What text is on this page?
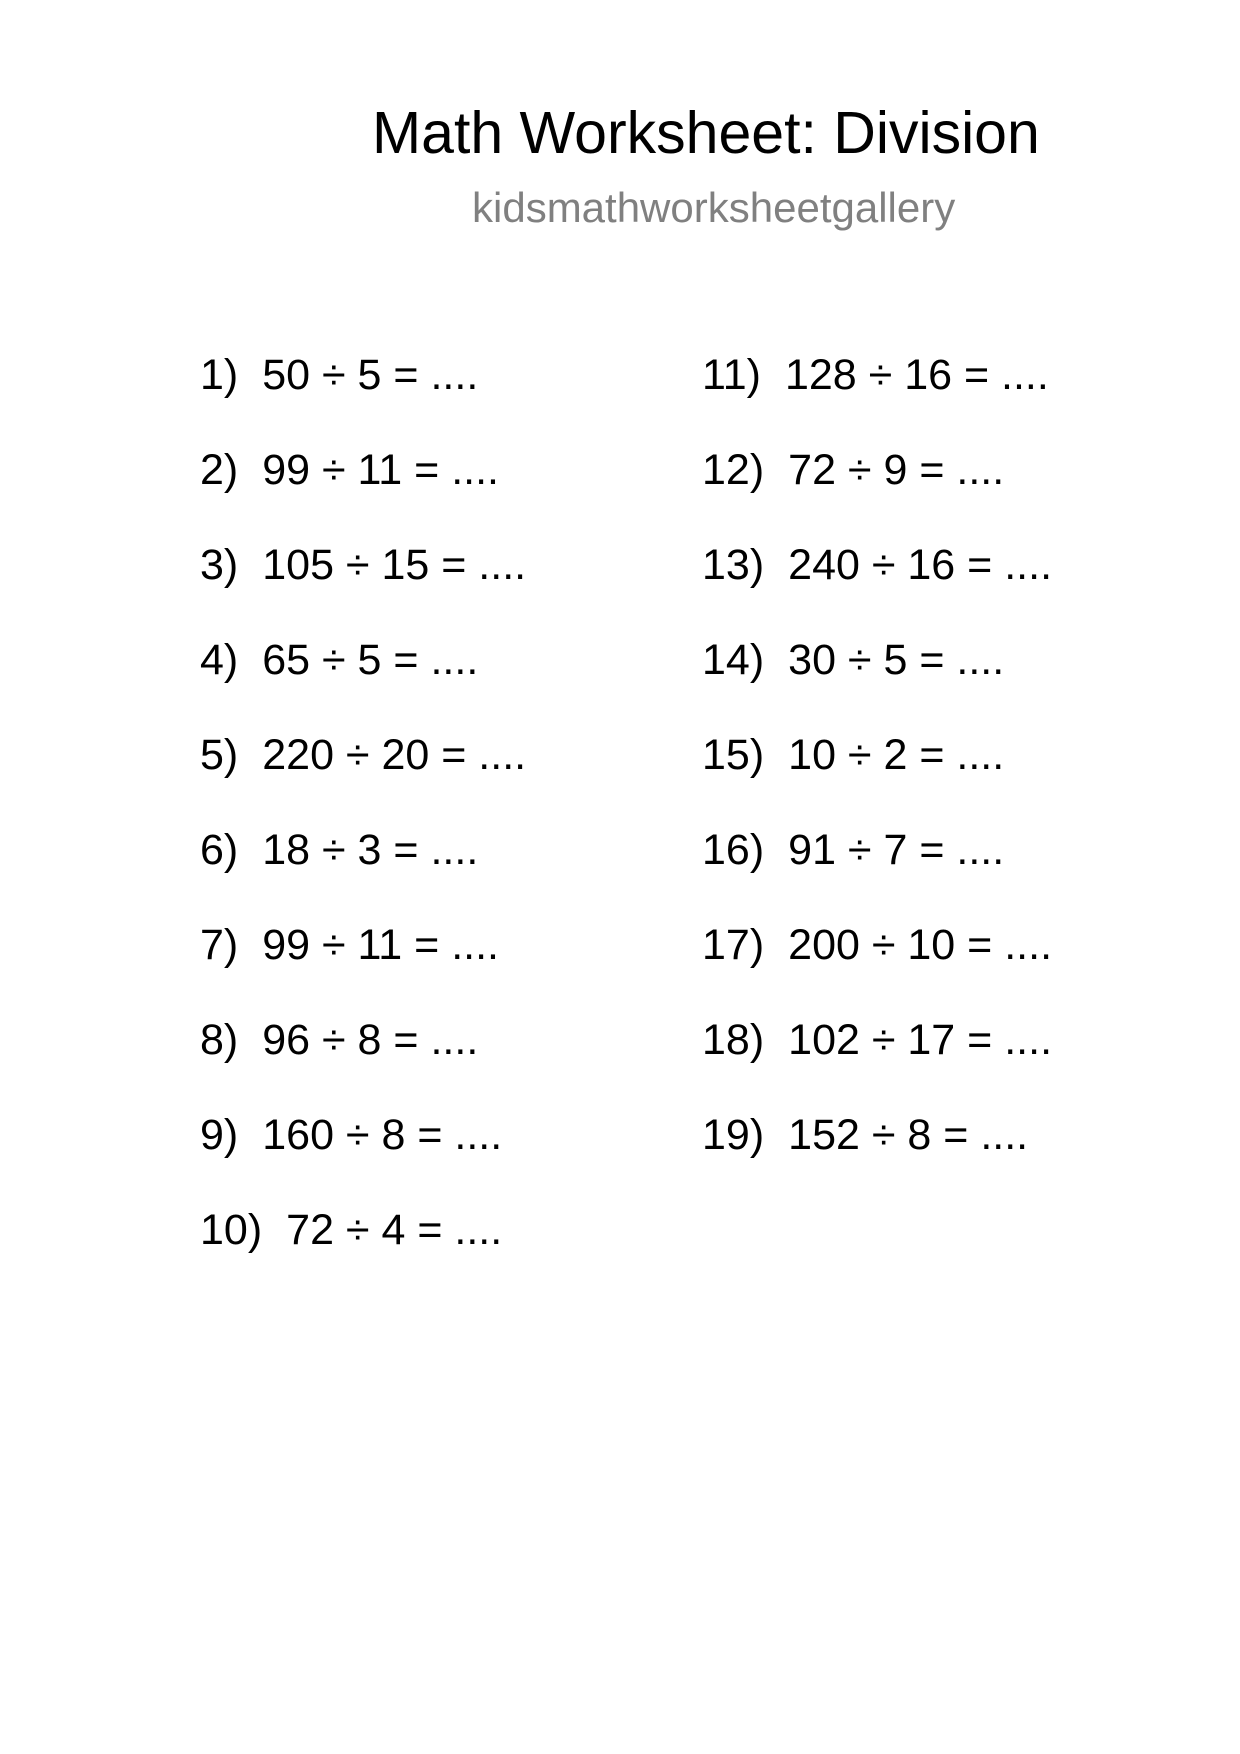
Math Worksheet: Division
kidsmathworksheetgallery
1) 50 ÷ 5 = ....
2) 99 ÷ 11 = ....
3) 105 ÷ 15 = ....
4) 65 ÷ 5 = ....
5) 220 ÷ 20 = ....
6) 18 ÷ 3 = ....
7) 99 ÷ 11 = ....
8) 96 ÷ 8 = ....
9) 160 ÷ 8 = ....
10) 72 ÷ 4 = ....
11) 128 ÷ 16 = ....
12) 72 ÷ 9 = ....
13) 240 ÷ 16 = ....
14) 30 ÷ 5 = ....
15) 10 ÷ 2 = ....
16) 91 ÷ 7 = ....
17) 200 ÷ 10 = ....
18) 102 ÷ 17 = ....
19) 152 ÷ 8 = ....
